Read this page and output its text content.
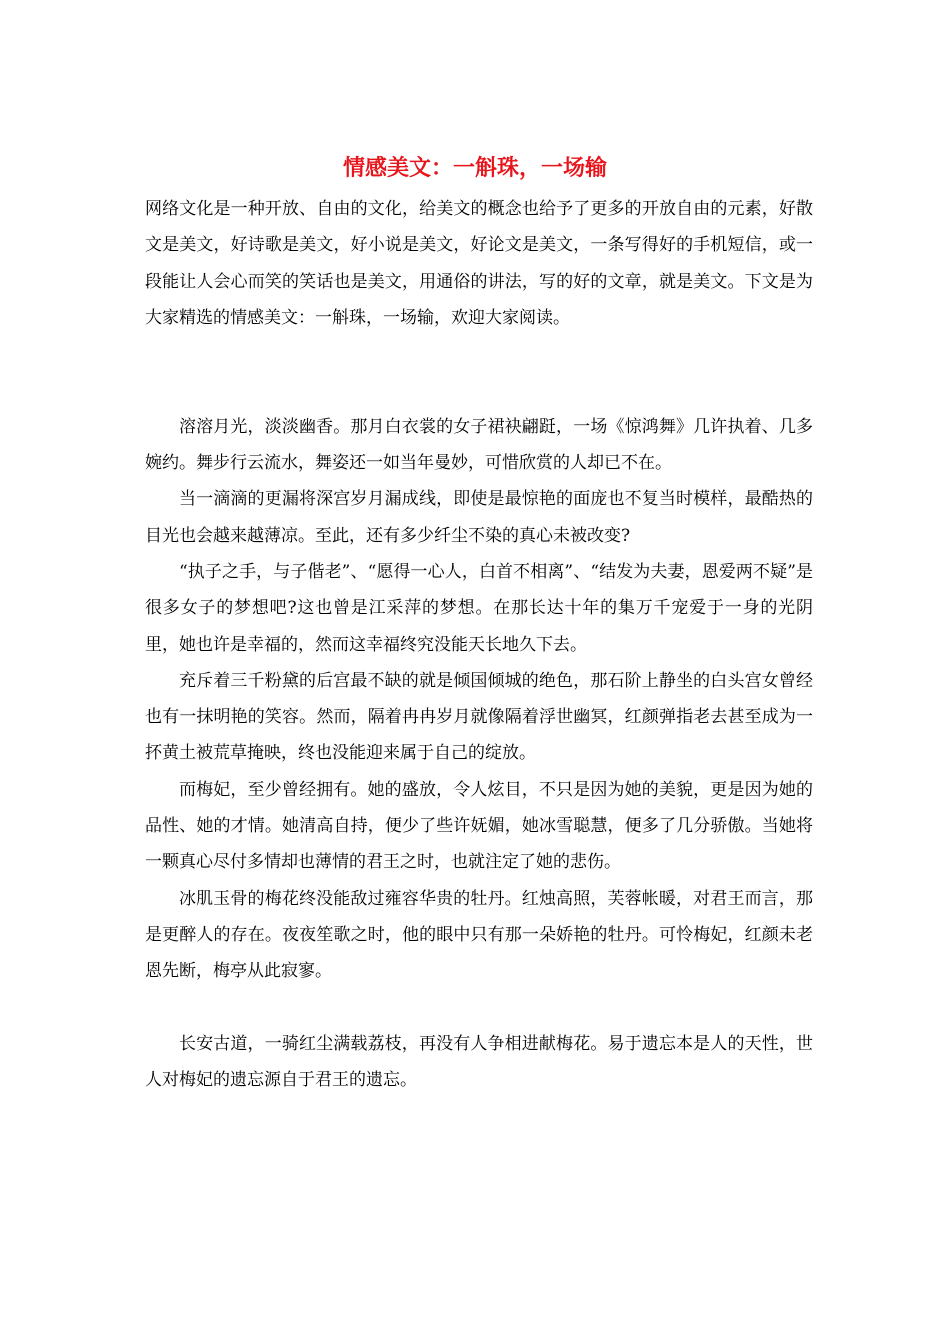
情感美文：一斛珠，一场输

网络文化是一种开放、自由的文化，给美文的概念也给予了更多的开放自由的元素，好散文是美文，好诗歌是美文，好小说是美文，好论文是美文，一条写得好的手机短信，或一段能让人会心而笑的笑话也是美文，用通俗的讲法，写的好的文章，就是美文。下文是为大家精选的情感美文：一斛珠，一场输，欢迎大家阅读。

溶溶月光，淡淡幽香。那月白衣裳的女子裙袂翩跹，一场《惊鸿舞》几许执着、几多婉约。舞步行云流水，舞姿还一如当年曼妙，可惜欣赏的人却已不在。

当一滴滴的更漏将深宫岁月漏成线，即使是最惊艳的面庞也不复当时模样，最酷热的目光也会越来越薄凉。至此，还有多少纤尘不染的真心未被改变?

“执子之手，与子偕老”、“愿得一心人，白首不相离”、“结发为夫妻，恩爱两不疑”是很多女子的梦想吧?这也曾是江采萍的梦想。在那长达十年的集万千宠爱于一身的光阴里，她也许是幸福的，然而这幸福终究没能天长地久下去。

充斥着三千粉黛的后宫最不缺的就是倾国倾城的绝色，那石阶上静坐的白头宫女曾经也有一抹明艳的笑容。然而，隔着冉冉岁月就像隔着浮世幽冥，红颜弹指老去甚至成为一抔黄土被荒草掩映，终也没能迎来属于自己的绽放。

而梅妃，至少曾经拥有。她的盛放，令人炫目，不只是因为她的美貌，更是因为她的品性、她的才情。她清高自持，便少了些许妩媚，她冰雪聪慧，便多了几分骄傲。当她将一颗真心尽付多情却也薄情的君王之时，也就注定了她的悲伤。

冰肌玉骨的梅花终没能敌过雍容华贵的牡丹。红烛高照，芙蓉帐暖，对君王而言，那是更醉人的存在。夜夜笙歌之时，他的眼中只有那一朵娇艳的牡丹。可怜梅妃，红颜未老恩先断，梅亭从此寂寥。

长安古道，一骑红尘满载荔枝，再没有人争相进献梅花。易于遗忘本是人的天性，世人对梅妃的遗忘源自于君王的遗忘。
